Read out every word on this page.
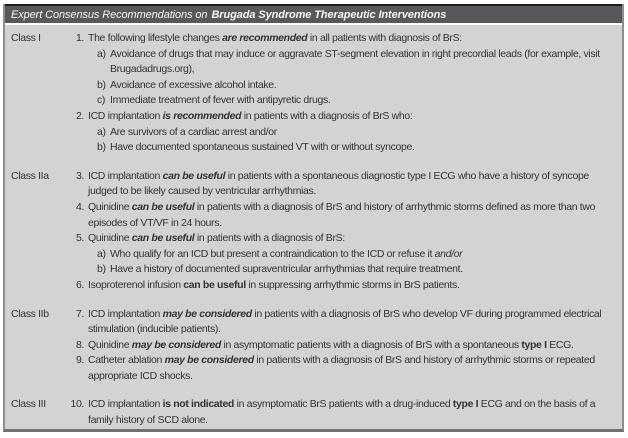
Expert Consensus Recommendations on Brugada Syndrome Therapeutic Interventions
Class I	1. The following lifestyle changes are recommended in all patients with diagnosis of BrS:
a) Avoidance of drugs that may induce or aggravate ST-segment elevation in right precordial leads (for example, visit Brugadadrugs.org),
b) Avoidance of excessive alcohol intake.
c) Immediate treatment of fever with antipyretic drugs.
2. ICD implantation is recommended in patients with a diagnosis of BrS who:
a) Are survivors of a cardiac arrest and/or
b) Have documented spontaneous sustained VT with or without syncope.
Class IIa	3. ICD implantation can be useful in patients with a spontaneous diagnostic type I ECG who have a history of syncope judged to be likely caused by ventricular arrhythmias.
4. Quinidine can be useful in patients with a diagnosis of BrS and history of arrhythmic storms defined as more than two episodes of VT/VF in 24 hours.
5. Quinidine can be useful in patients with a diagnosis of BrS:
a) Who qualify for an ICD but present a contraindication to the ICD or refuse it and/or
b) Have a history of documented supraventricular arrhythmias that require treatment.
6. Isoproterenol infusion can be useful in suppressing arrhythmic storms in BrS patients.
Class IIb	7. ICD implantation may be considered in patients with a diagnosis of BrS who develop VF during programmed electrical stimulation (inducible patients).
8. Quinidine may be considered in asymptomatic patients with a diagnosis of BrS with a spontaneous type I ECG.
9. Catheter ablation may be considered in patients with a diagnosis of BrS and history of arrhythmic storms or repeated appropriate ICD shocks.
Class III	10. ICD implantation is not indicated in asymptomatic BrS patients with a drug-induced type I ECG and on the basis of a family history of SCD alone.
